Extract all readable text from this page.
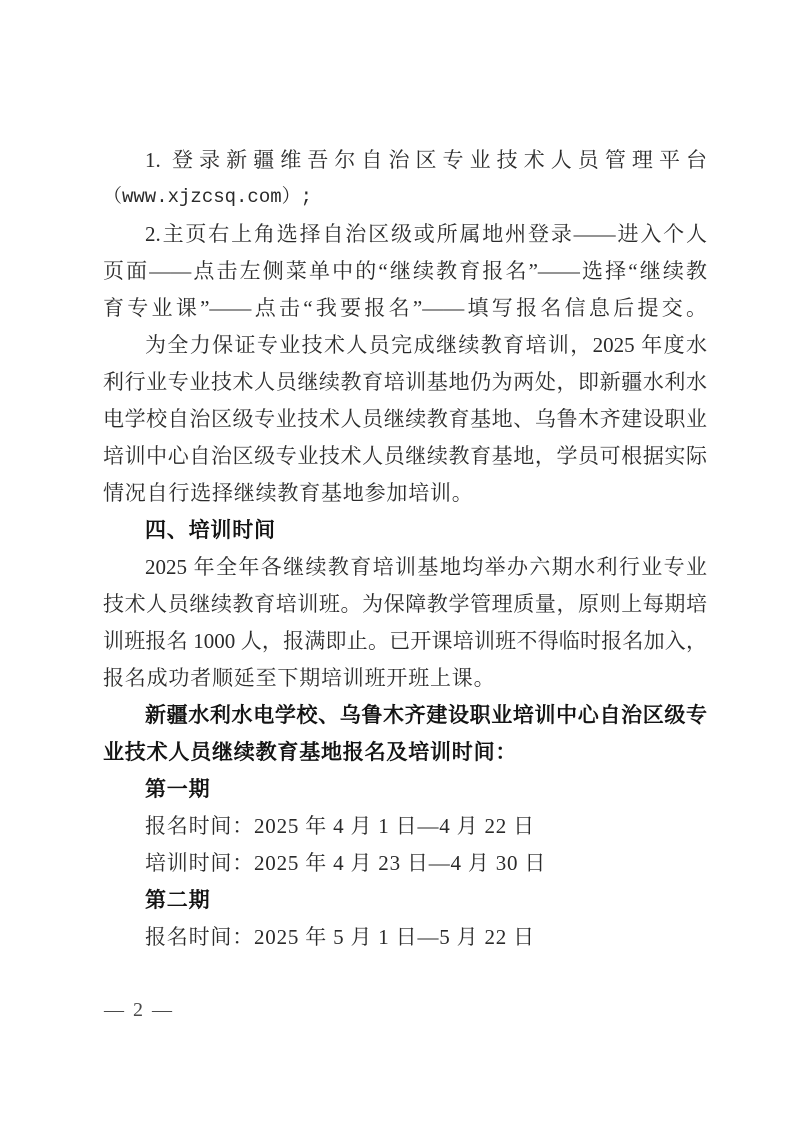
1. 登录新疆维吾尔自治区专业技术人员管理平台
（www.xjzcsq.com）;
2.主页右上角选择自治区级或所属地州登录——进入个人
页面——点击左侧菜单中的“继续教育报名”——选择“继续教
育专业课”——点击“我要报名”——填写报名信息后提交。
为全力保证专业技术人员完成继续教育培训，2025 年度水
利行业专业技术人员继续教育培训基地仍为两处，即新疆水利水
电学校自治区级专业技术人员继续教育基地、乌鲁木齐建设职业
培训中心自治区级专业技术人员继续教育基地，学员可根据实际
情况自行选择继续教育基地参加培训。
四、培训时间
2025 年全年各继续教育培训基地均举办六期水利行业专业
技术人员继续教育培训班。为保障教学管理质量，原则上每期培
训班报名 1000 人，报满即止。已开课培训班不得临时报名加入，
报名成功者顺延至下期培训班开班上课。
新疆水利水电学校、乌鲁木齐建设职业培训中心自治区级专
业技术人员继续教育基地报名及培训时间：
第一期
报名时间：2025 年 4 月 1 日—4 月 22 日
培训时间：2025 年 4 月 23 日—4 月 30 日
第二期
报名时间：2025 年 5 月 1 日—5 月 22 日
— 2 —
